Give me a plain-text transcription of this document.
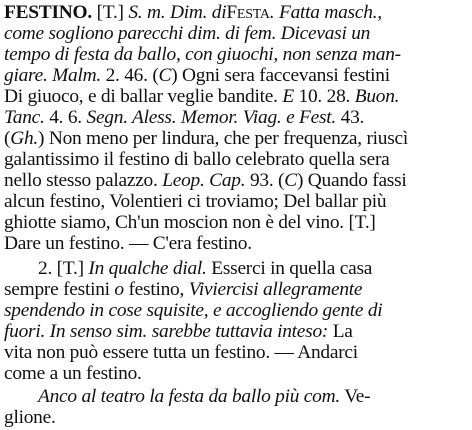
FESTINO. [T.] S. m. Dim. diFesta. Fatta masch.,
come sogliono parecchi dim. di fem. Dicevasi un
tempo di festa da ballo, con giuochi, non senza man-
giare. Malm. 2. 46. (C) Ogni sera faccevansi festini
Di giuoco, e di ballar veglie bandite. E 10. 28. Buon.
Tanc. 4. 6. Segn. Aless. Memor. Viag. e Fest. 43.
(Gh.) Non meno per lindura, che per frequenza, riuscì
galantissimo il festino di ballo celebrato quella sera
nello stesso palazzo. Leop. Cap. 93. (C) Quando fassi
alcun festino, Volentieri ci troviamo; Del ballar più
ghiotte siamo, Ch'un moscion non è del vino. [T.]
Dare un festino. — C'era festino.
2. [T.] In qualche dial. Esserci in quella casa
sempre festini o festino, Viviercisi allegramente
spendendo in cose squisite, e accogliendo gente di
fuori. In senso sim. sarebbe tuttavia inteso: La
vita non può essere tutta un festino. — Andarci
come a un festino.
Anco al teatro la festa da ballo più com. Ve-
glione.
